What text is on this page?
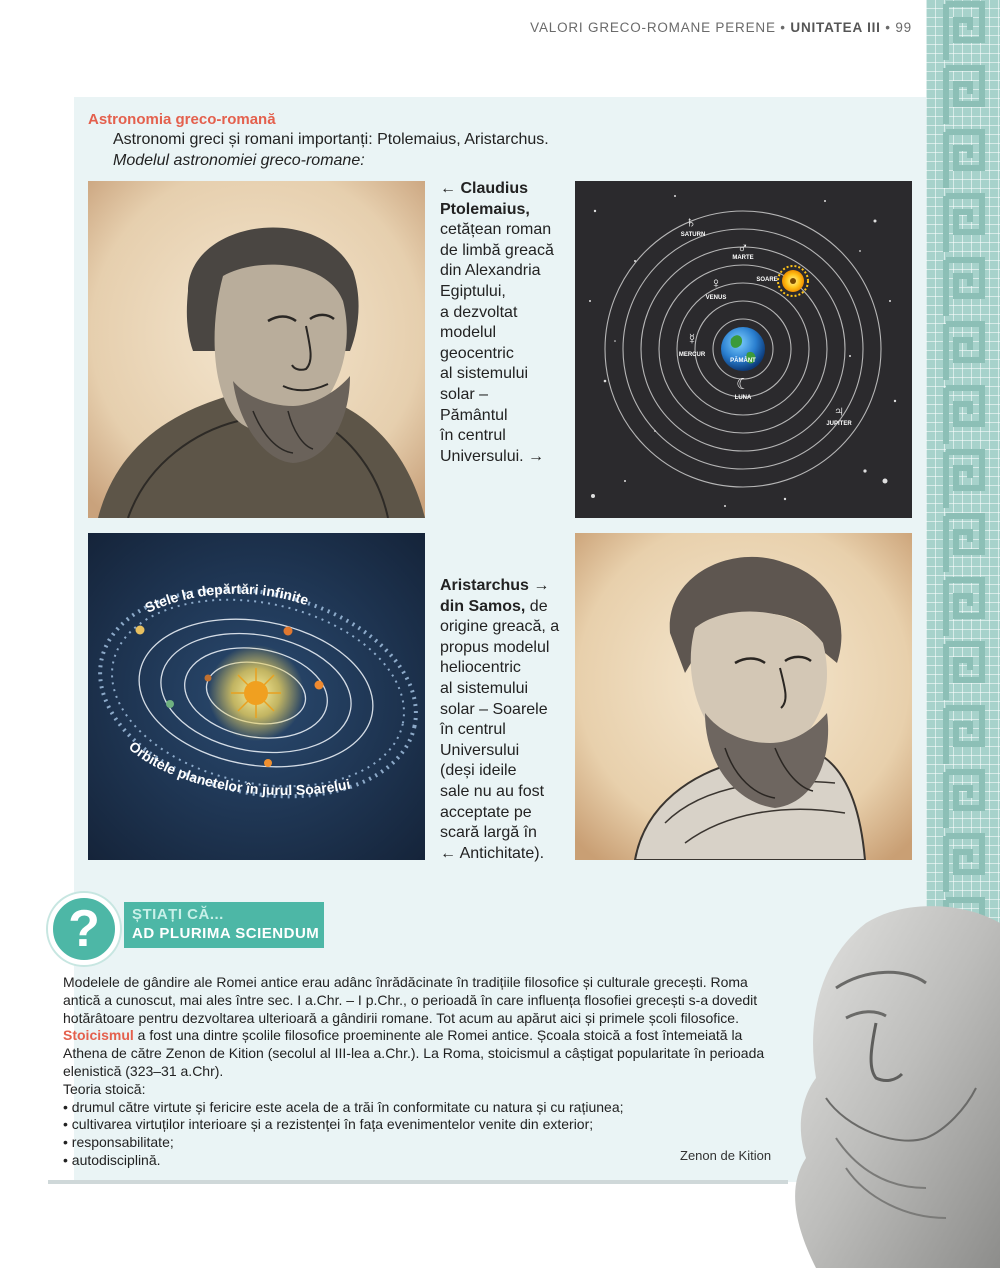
VALORI GRECO-ROMANE PERENE • UNITATEA III • 99
Astronomia greco-romană
Astronomi greci și romani importanți: Ptolemaius, Aristarchus.
Modelul astronomiei greco-romane:
← Claudius
Ptolemaius,
cetățean roman
de limbă greacă
din Alexandria
Egiptului,
a dezvoltat
modelul
geocentric
al sistemului
solar –
Pământul
în centrul
Universului. →
♄
♂
♀
☿
☾
♃
SATURN
MARTE
SOARE
VENUS
MERCUR
PĂMÂNT
LUNA
JUPITER
Stele la depărtări infinite
Orbitele planetelor în jurul Soarelui
Aristarchus →
din Samos, de
origine greacă, a
propus modelul
heliocentric
al sistemului
solar – Soarele
în centrul
Universului
(deși ideile
sale nu au fost
acceptate pe
scară largă în
← Antichitate).
?	ȘTIAȚI CĂ...
AD PLURIMA SCIENDUM

Modelele de gândire ale Romei antice erau adânc înrădăcinate în tradițiile filosofice și culturale grecești. Roma antică a cunoscut, mai ales între sec. I a.Chr. – I p.Chr., o perioadă în care influența flosofiei grecești s-a dovedit hotărâtoare pentru dezvoltarea ulterioară a gândirii romane. Tot acum au apărut aici și primele școli filosofice.

Stoicismul a fost una dintre școlile filosofice proeminente ale Romei antice. Școala stoică a fost întemeiată la Athena de către Zenon de Kition (secolul al III-lea a.Chr.). La Roma, stoicismul a câștigat popularitate în perioada elenistică (323–31 a.Chr).

Teoria stoică:

• drumul către virtute și fericire este acela de a trăi în conformitate cu natura și cu rațiunea;

• cultivarea virtuților interioare și a rezistenței în fața evenimentelor venite din exterior;

• responsabilitate;

• autodisciplină.	Zenon de Kition
